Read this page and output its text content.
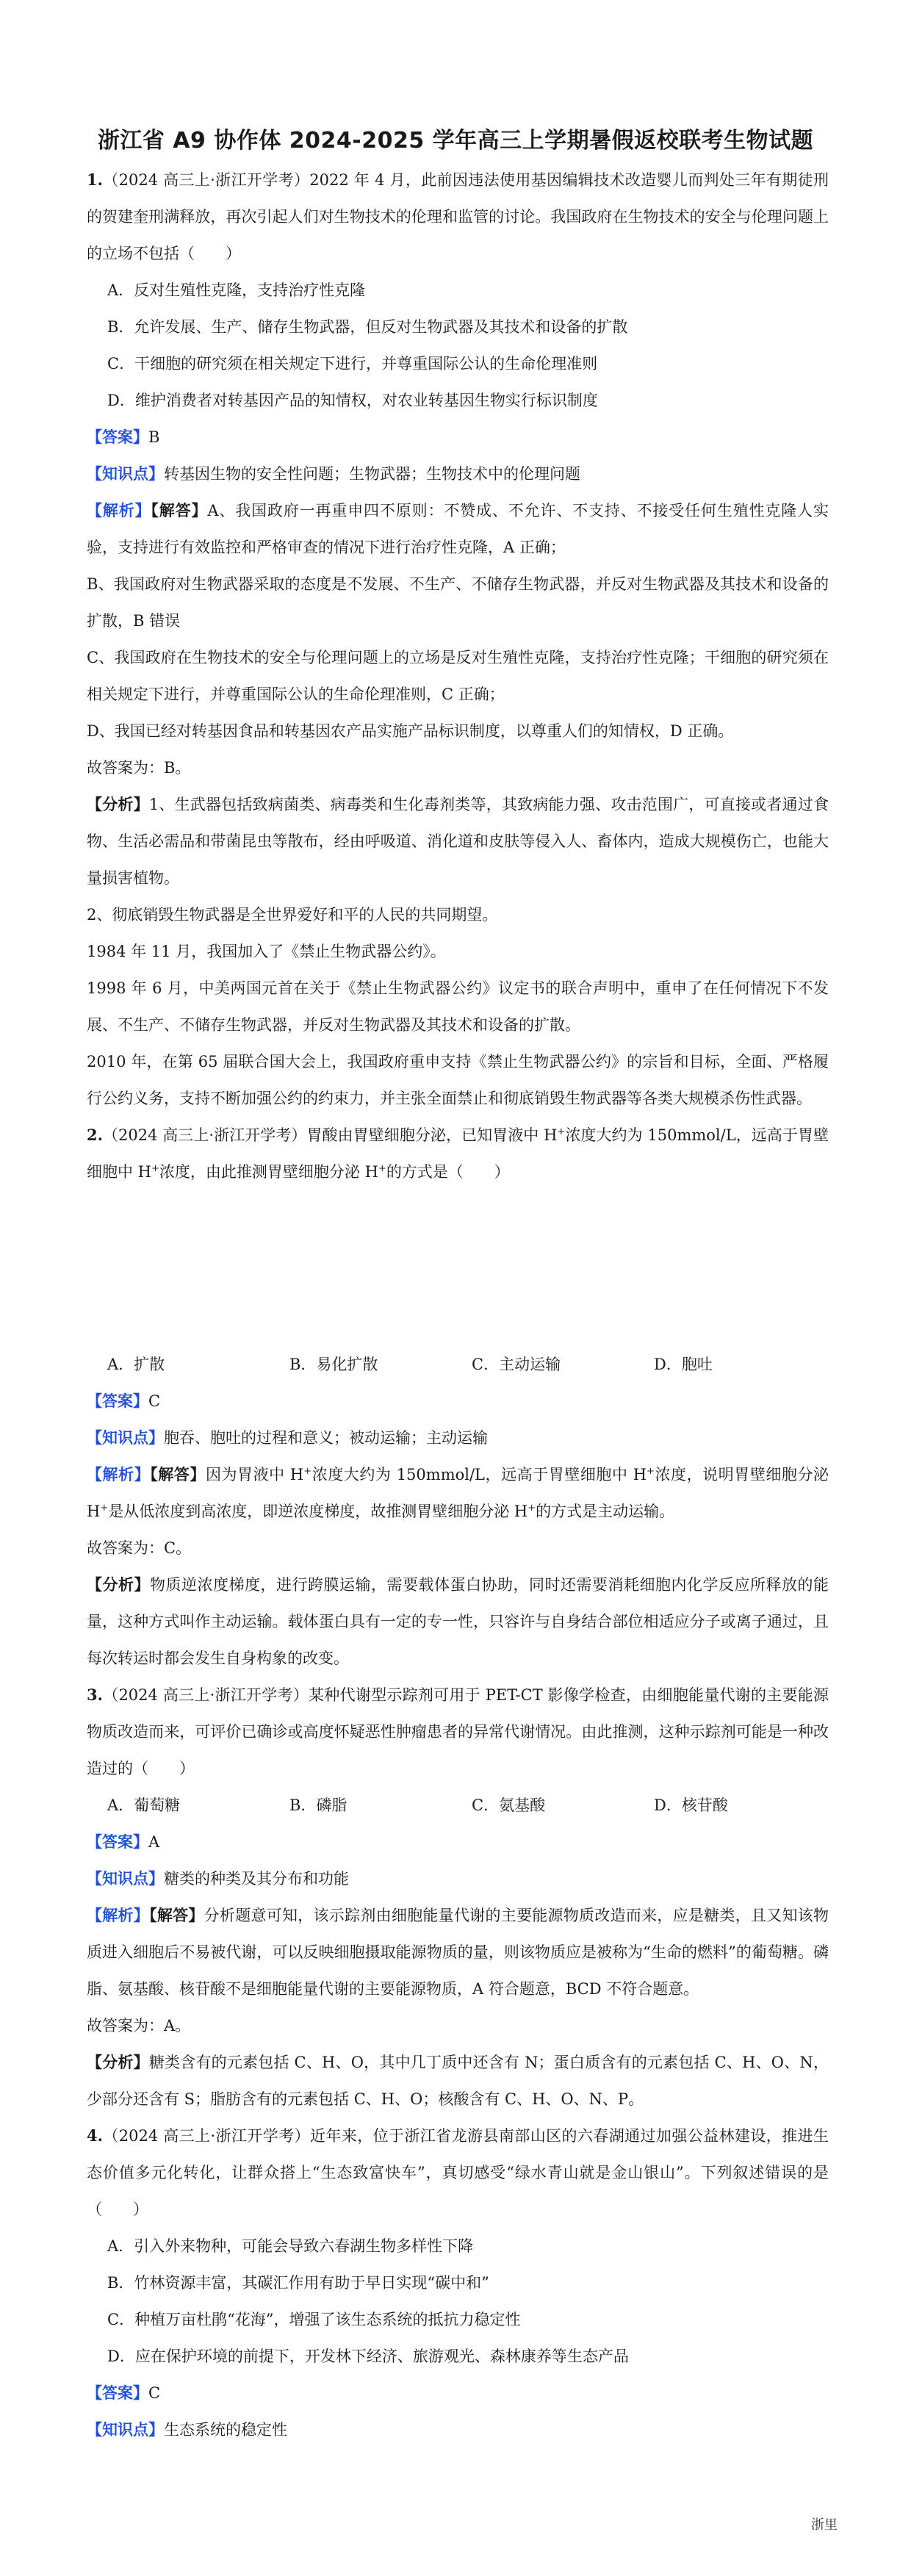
浙江省 A9 协作体 2024-2025 学年高三上学期暑假返校联考生物试题

1.（2024 高三上·浙江开学考）2022 年 4 月，此前因违法使用基因编辑技术改造婴儿而判处三年有期徒刑的贺建奎刑满释放，再次引起人们对生物技术的伦理和监管的讨论。我国政府在生物技术的安全与伦理问题上的立场不包括（　　）

A．反对生殖性克隆，支持治疗性克隆

B．允许发展、生产、储存生物武器，但反对生物武器及其技术和设备的扩散

C．干细胞的研究须在相关规定下进行，并尊重国际公认的生命伦理准则

D．维护消费者对转基因产品的知情权，对农业转基因生物实行标识制度

【答案】B

【知识点】转基因生物的安全性问题；生物武器；生物技术中的伦理问题

【解析】【解答】A、我国政府一再重申四不原则：不赞成、不允许、不支持、不接受任何生殖性克隆人实验，支持进行有效监控和严格审查的情况下进行治疗性克隆，A 正确；

B、我国政府对生物武器采取的态度是不发展、不生产、不储存生物武器，并反对生物武器及其技术和设备的扩散，B 错误

C、我国政府在生物技术的安全与伦理问题上的立场是反对生殖性克隆，支持治疗性克隆；干细胞的研究须在相关规定下进行，并尊重国际公认的生命伦理准则，C 正确；

D、我国已经对转基因食品和转基因农产品实施产品标识制度，以尊重人们的知情权，D 正确。

故答案为：B。

【分析】1、生武器包括致病菌类、病毒类和生化毒剂类等，其致病能力强、攻击范围广，可直接或者通过食物、生活必需品和带菌昆虫等散布，经由呼吸道、消化道和皮肤等侵入人、畜体内，造成大规模伤亡，也能大量损害植物。

2、彻底销毁生物武器是全世界爱好和平的人民的共同期望。

1984 年 11 月，我国加入了《禁止生物武器公约》。

1998 年 6 月，中美两国元首在关于《禁止生物武器公约》议定书的联合声明中，重申了在任何情况下不发展、不生产、不储存生物武器，并反对生物武器及其技术和设备的扩散。

2010 年，在第 65 届联合国大会上，我国政府重申支持《禁止生物武器公约》的宗旨和目标，全面、严格履行公约义务，支持不断加强公约的约束力，并主张全面禁止和彻底销毁生物武器等各类大规模杀伤性武器。

2.（2024 高三上·浙江开学考）胃酸由胃壁细胞分泌，已知胃液中 H+浓度大约为 150mmol/L，远高于胃壁细胞中 H+浓度，由此推测胃壁细胞分泌 H+的方式是（　　）

A．扩散	B．易化扩散	C．主动运输	D．胞吐

【答案】C

【知识点】胞吞、胞吐的过程和意义；被动运输；主动运输

【解析】【解答】因为胃液中 H+浓度大约为 150mmol/L，远高于胃壁细胞中 H+浓度，说明胃壁细胞分泌 H+是从低浓度到高浓度，即逆浓度梯度，故推测胃壁细胞分泌 H+的方式是主动运输。

故答案为：C。

【分析】物质逆浓度梯度，进行跨膜运输，需要载体蛋白协助，同时还需要消耗细胞内化学反应所释放的能量，这种方式叫作主动运输。载体蛋白具有一定的专一性，只容许与自身结合部位相适应分子或离子通过，且每次转运时都会发生自身构象的改变。

3.（2024 高三上·浙江开学考）某种代谢型示踪剂可用于 PET-CT 影像学检查，由细胞能量代谢的主要能源物质改造而来，可评价已确诊或高度怀疑恶性肿瘤患者的异常代谢情况。由此推测，这种示踪剂可能是一种改造过的（　　）

A．葡萄糖	B．磷脂	C．氨基酸	D．核苷酸

【答案】A

【知识点】糖类的种类及其分布和功能

【解析】【解答】分析题意可知，该示踪剂由细胞能量代谢的主要能源物质改造而来，应是糖类，且又知该物质进入细胞后不易被代谢，可以反映细胞摄取能源物质的量，则该物质应是被称为“生命的燃料”的葡萄糖。磷脂、氨基酸、核苷酸不是细胞能量代谢的主要能源物质，A 符合题意，BCD 不符合题意。

故答案为：A。

【分析】糖类含有的元素包括 C、H、O，其中几丁质中还含有 N；蛋白质含有的元素包括 C、H、O、N，少部分还含有 S；脂肪含有的元素包括 C、H、O；核酸含有 C、H、O、N、P。

4.（2024 高三上·浙江开学考）近年来，位于浙江省龙游县南部山区的六春湖通过加强公益林建设，推进生态价值多元化转化，让群众搭上“生态致富快车”，真切感受“绿水青山就是金山银山”。下列叙述错误的是（　　）

A．引入外来物种，可能会导致六春湖生物多样性下降

B．竹林资源丰富，其碳汇作用有助于早日实现“碳中和”

C．种植万亩杜鹃“花海”，增强了该生态系统的抵抗力稳定性

D．应在保护环境的前提下，开发林下经济、旅游观光、森林康养等生态产品

【答案】C

【知识点】生态系统的稳定性

浙里
